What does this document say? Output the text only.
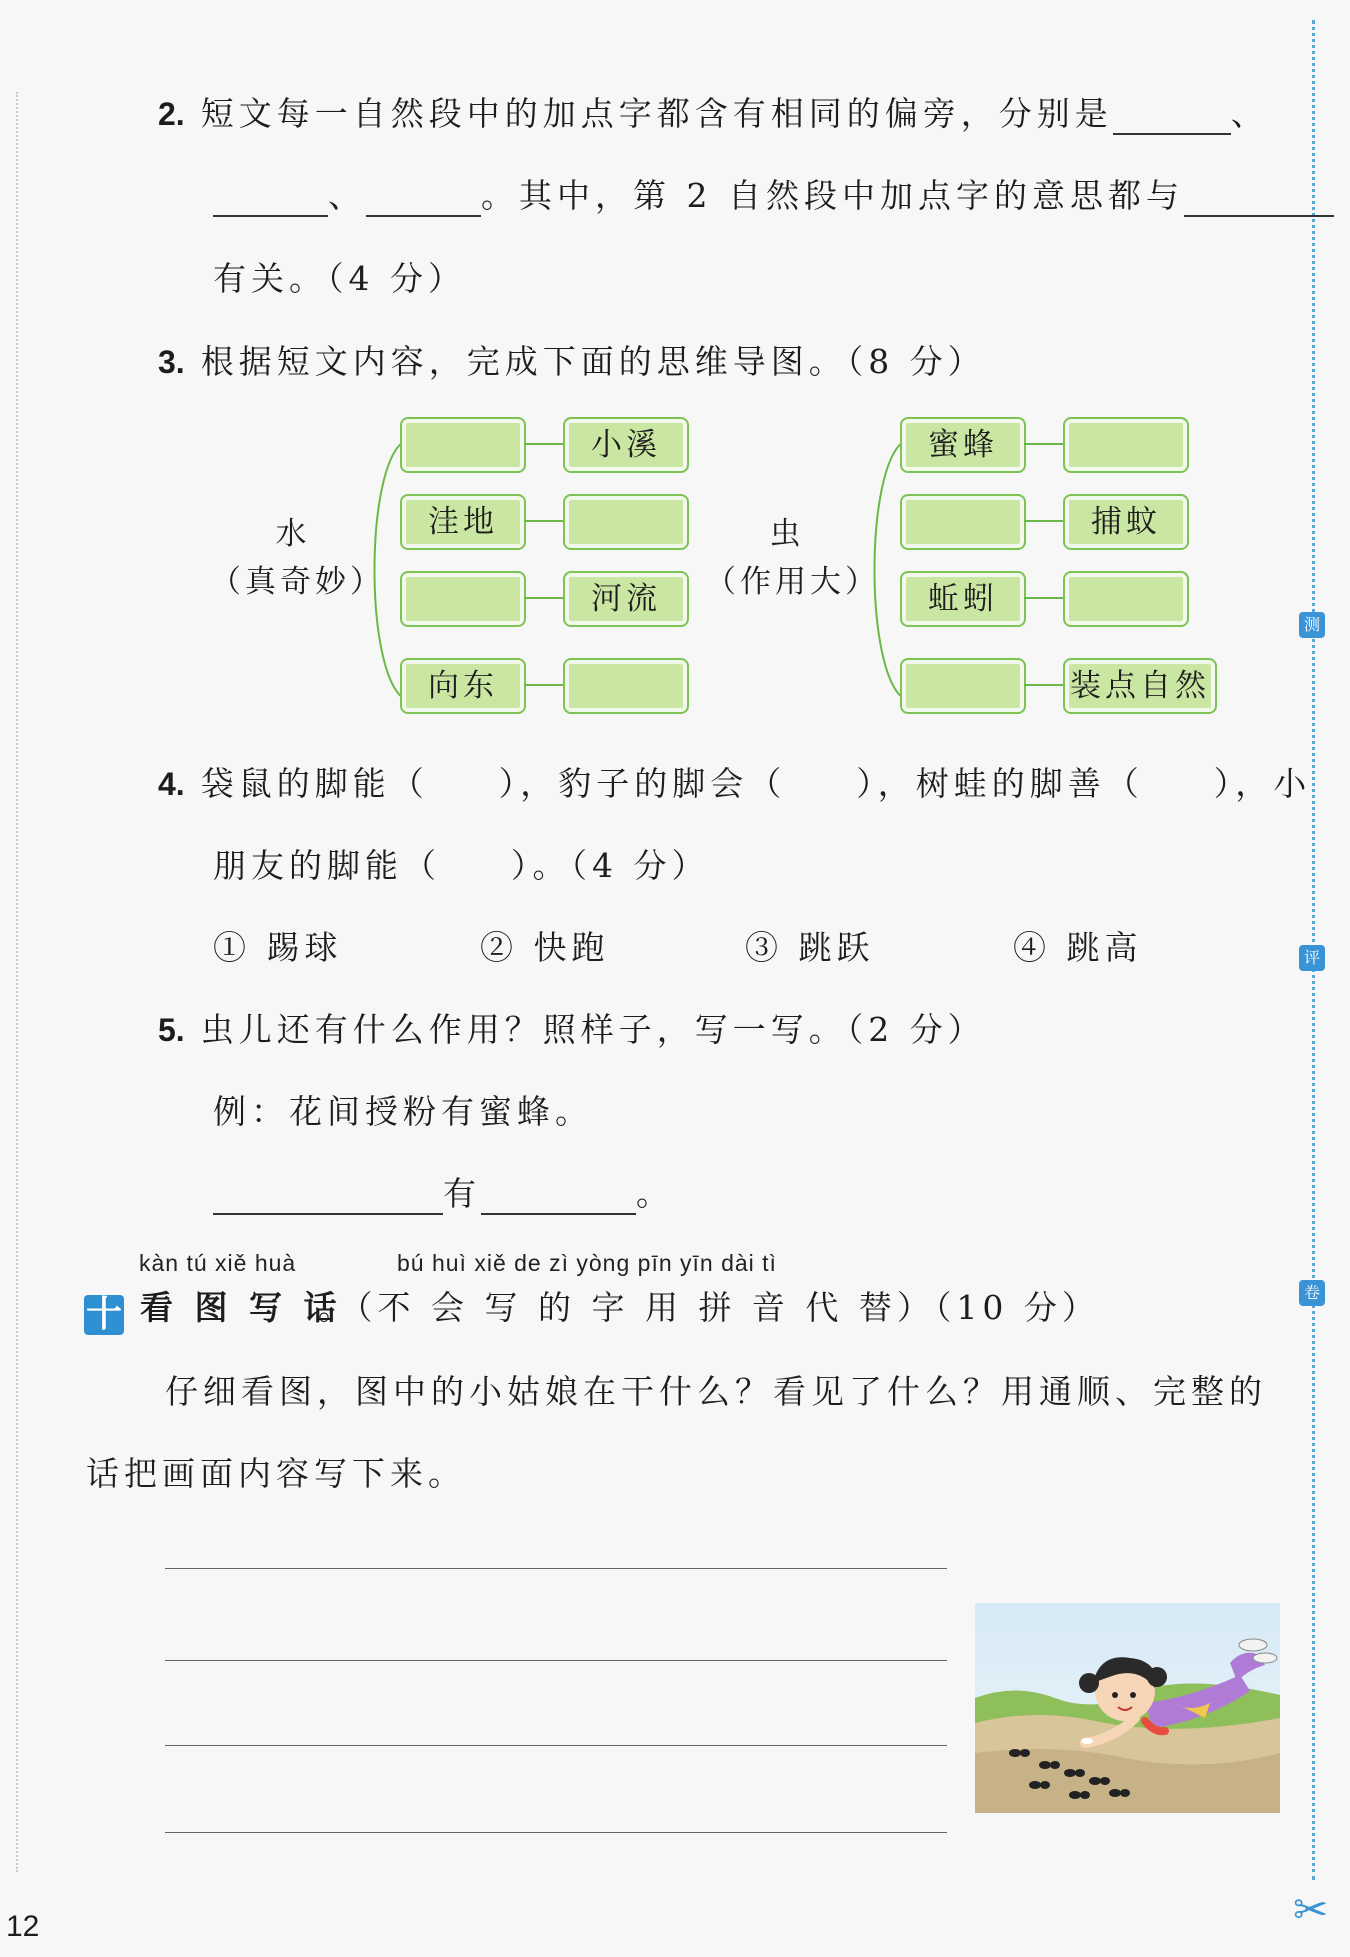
测
评
卷
✂
12
2. 短文每一自然段中的加点字都含有相同的偏旁，分别是	、
、	。其中，第 2 自然段中加点字的意思都与
有关。（4 分）
3. 根据短文内容，完成下面的思维导图。（8 分）
水
（真奇妙）
小溪
洼地
河流
向东
虫
（作用大）
蜜蜂
捕蚊
蚯蚓
装点自然
4. 袋鼠的脚能（ ），豹子的脚会（ ），树蛙的脚善（ ），小
朋友的脚能（ ）。（4 分）
① 踢球	② 快跑	③ 跳跃	④ 跳高
5. 虫儿还有什么作用？照样子，写一写。（2 分）
例：花间授粉有蜜蜂。
有	。
kàn tú xiě huà	bú huì xiě de zì yòng pīn yīn dài tì
十 看 图 写 话
。（不 会 写 的 字 用 拼 音 代 替）（10 分）
仔细看图，图中的小姑娘在干什么？看见了什么？用通顺、完整的
话把画面内容写下来。
